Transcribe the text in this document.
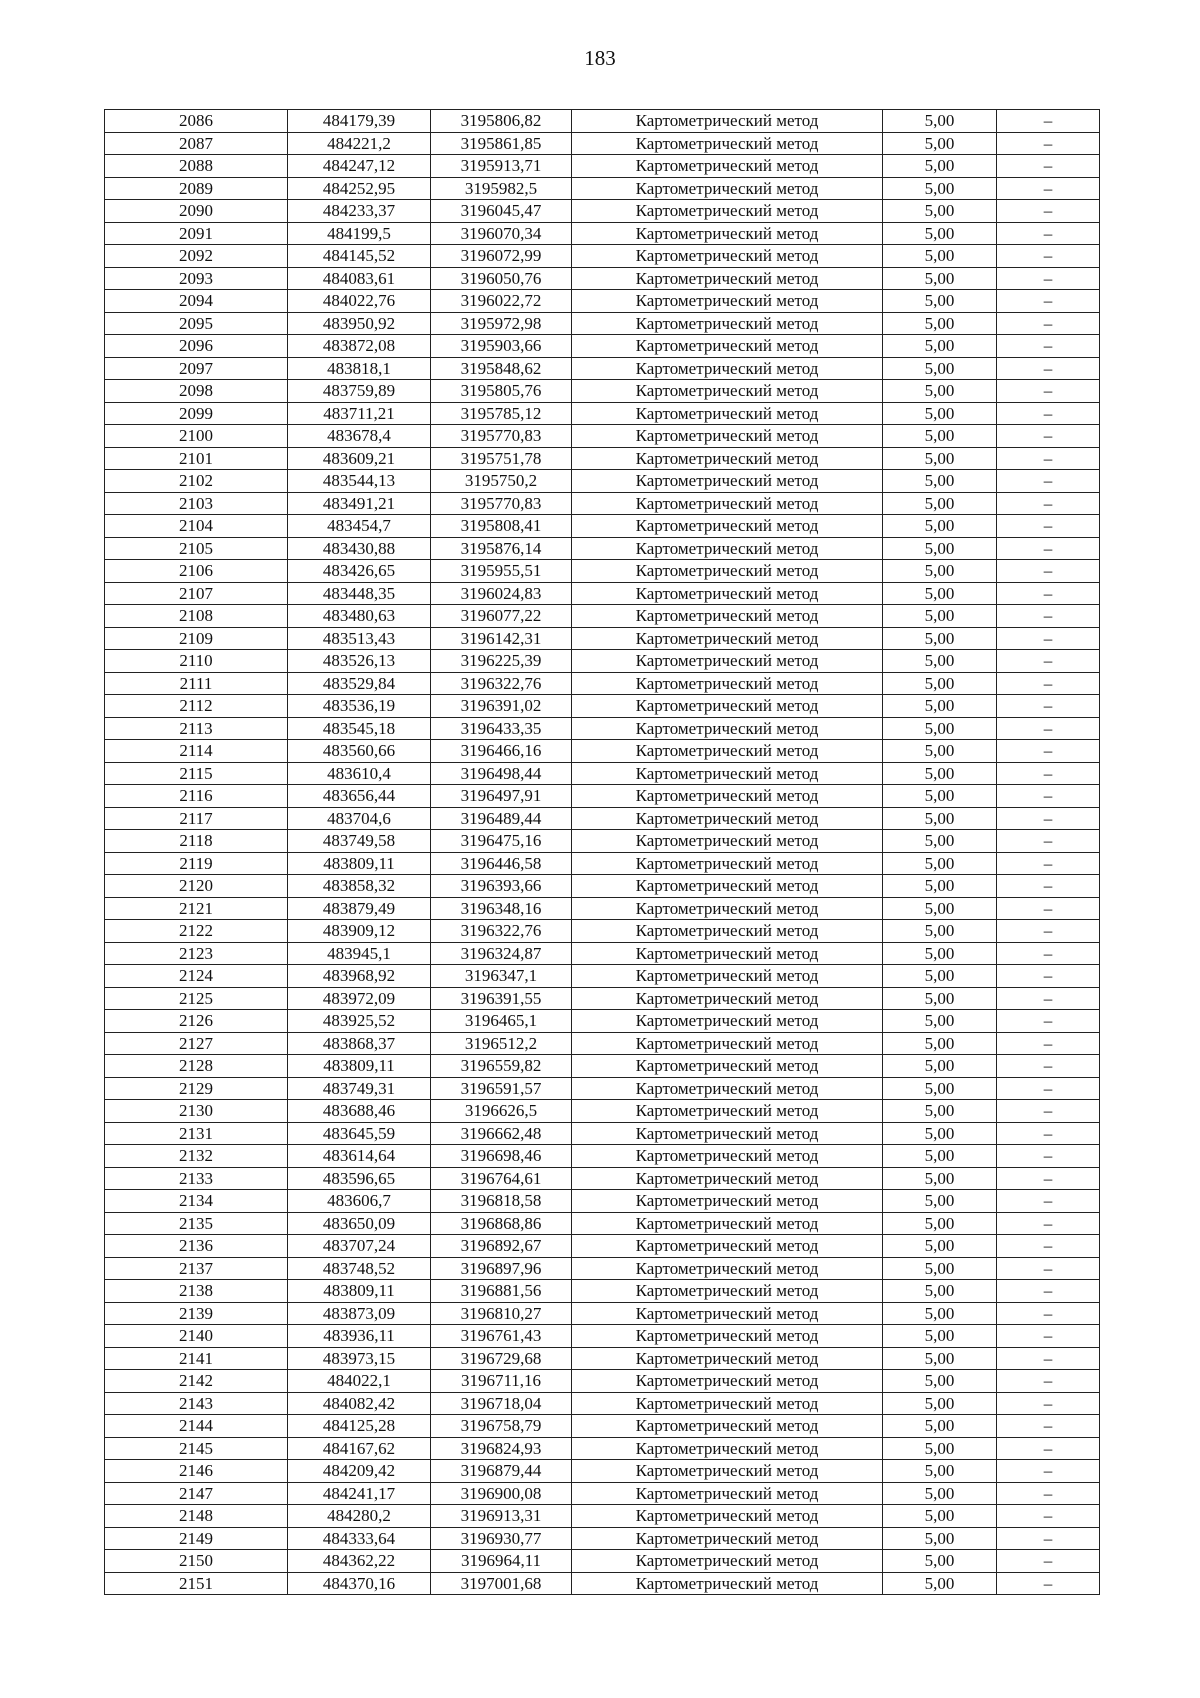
183
2086	484179,39	3195806,82	Картометрический метод	5,00	–
2087	484221,2	3195861,85	Картометрический метод	5,00	–
2088	484247,12	3195913,71	Картометрический метод	5,00	–
2089	484252,95	3195982,5	Картометрический метод	5,00	–
2090	484233,37	3196045,47	Картометрический метод	5,00	–
2091	484199,5	3196070,34	Картометрический метод	5,00	–
2092	484145,52	3196072,99	Картометрический метод	5,00	–
2093	484083,61	3196050,76	Картометрический метод	5,00	–
2094	484022,76	3196022,72	Картометрический метод	5,00	–
2095	483950,92	3195972,98	Картометрический метод	5,00	–
2096	483872,08	3195903,66	Картометрический метод	5,00	–
2097	483818,1	3195848,62	Картометрический метод	5,00	–
2098	483759,89	3195805,76	Картометрический метод	5,00	–
2099	483711,21	3195785,12	Картометрический метод	5,00	–
2100	483678,4	3195770,83	Картометрический метод	5,00	–
2101	483609,21	3195751,78	Картометрический метод	5,00	–
2102	483544,13	3195750,2	Картометрический метод	5,00	–
2103	483491,21	3195770,83	Картометрический метод	5,00	–
2104	483454,7	3195808,41	Картометрический метод	5,00	–
2105	483430,88	3195876,14	Картометрический метод	5,00	–
2106	483426,65	3195955,51	Картометрический метод	5,00	–
2107	483448,35	3196024,83	Картометрический метод	5,00	–
2108	483480,63	3196077,22	Картометрический метод	5,00	–
2109	483513,43	3196142,31	Картометрический метод	5,00	–
2110	483526,13	3196225,39	Картометрический метод	5,00	–
2111	483529,84	3196322,76	Картометрический метод	5,00	–
2112	483536,19	3196391,02	Картометрический метод	5,00	–
2113	483545,18	3196433,35	Картометрический метод	5,00	–
2114	483560,66	3196466,16	Картометрический метод	5,00	–
2115	483610,4	3196498,44	Картометрический метод	5,00	–
2116	483656,44	3196497,91	Картометрический метод	5,00	–
2117	483704,6	3196489,44	Картометрический метод	5,00	–
2118	483749,58	3196475,16	Картометрический метод	5,00	–
2119	483809,11	3196446,58	Картометрический метод	5,00	–
2120	483858,32	3196393,66	Картометрический метод	5,00	–
2121	483879,49	3196348,16	Картометрический метод	5,00	–
2122	483909,12	3196322,76	Картометрический метод	5,00	–
2123	483945,1	3196324,87	Картометрический метод	5,00	–
2124	483968,92	3196347,1	Картометрический метод	5,00	–
2125	483972,09	3196391,55	Картометрический метод	5,00	–
2126	483925,52	3196465,1	Картометрический метод	5,00	–
2127	483868,37	3196512,2	Картометрический метод	5,00	–
2128	483809,11	3196559,82	Картометрический метод	5,00	–
2129	483749,31	3196591,57	Картометрический метод	5,00	–
2130	483688,46	3196626,5	Картометрический метод	5,00	–
2131	483645,59	3196662,48	Картометрический метод	5,00	–
2132	483614,64	3196698,46	Картометрический метод	5,00	–
2133	483596,65	3196764,61	Картометрический метод	5,00	–
2134	483606,7	3196818,58	Картометрический метод	5,00	–
2135	483650,09	3196868,86	Картометрический метод	5,00	–
2136	483707,24	3196892,67	Картометрический метод	5,00	–
2137	483748,52	3196897,96	Картометрический метод	5,00	–
2138	483809,11	3196881,56	Картометрический метод	5,00	–
2139	483873,09	3196810,27	Картометрический метод	5,00	–
2140	483936,11	3196761,43	Картометрический метод	5,00	–
2141	483973,15	3196729,68	Картометрический метод	5,00	–
2142	484022,1	3196711,16	Картометрический метод	5,00	–
2143	484082,42	3196718,04	Картометрический метод	5,00	–
2144	484125,28	3196758,79	Картометрический метод	5,00	–
2145	484167,62	3196824,93	Картометрический метод	5,00	–
2146	484209,42	3196879,44	Картометрический метод	5,00	–
2147	484241,17	3196900,08	Картометрический метод	5,00	–
2148	484280,2	3196913,31	Картометрический метод	5,00	–
2149	484333,64	3196930,77	Картометрический метод	5,00	–
2150	484362,22	3196964,11	Картометрический метод	5,00	–
2151	484370,16	3197001,68	Картометрический метод	5,00	–
